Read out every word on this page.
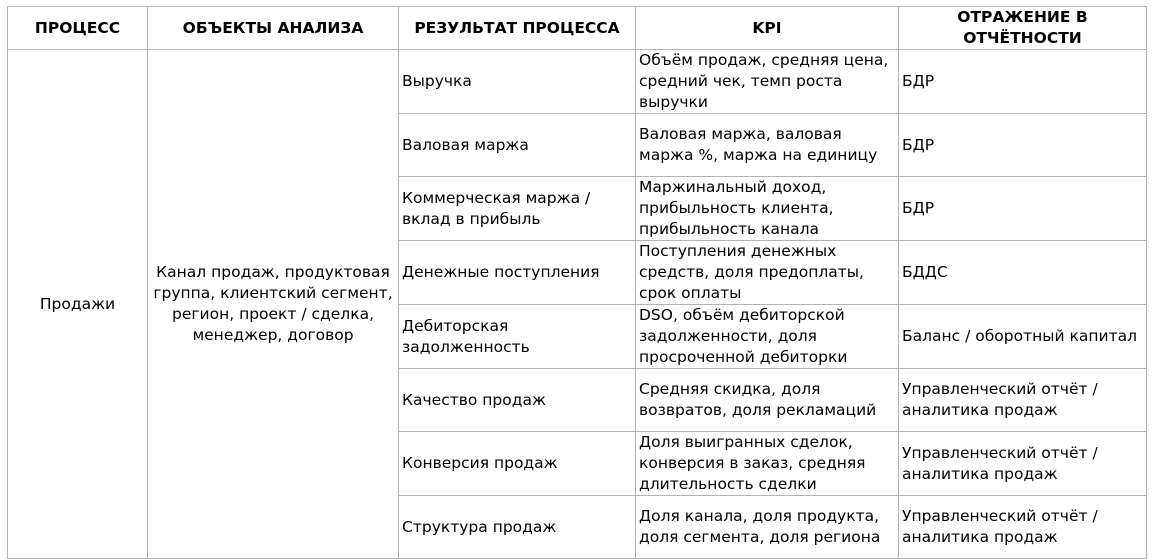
ПРОЦЕСС	ОБЪЕКТЫ АНАЛИЗА	РЕЗУЛЬТАТ ПРОЦЕССА	KPI	ОТРАЖЕНИЕ В ОТЧЁТНОСТИ
Продажи	Канал продаж, продуктовая группа, клиентский сегмент, регион, проект / сделка, менеджер, договор	Выручка	Объём продаж, средняя цена, средний чек, темп роста выручки	БДР
		Валовая маржа	Валовая маржа, валовая маржа %, маржа на единицу	БДР
		Коммерческая маржа / вклад в прибыль	Маржинальный доход, прибыльность клиента, прибыльность канала	БДР
		Денежные поступления	Поступления денежных средств, доля предоплаты, срок оплаты	БДДС
		Дебиторская задолженность	DSO, объём дебиторской задолженности, доля просроченной дебиторки	Баланс / оборотный капитал
		Качество продаж	Средняя скидка, доля возвратов, доля рекламаций	Управленческий отчёт / аналитика продаж
		Конверсия продаж	Доля выигранных сделок, конверсия в заказ, средняя длительность сделки	Управленческий отчёт / аналитика продаж
		Структура продаж	Доля канала, доля продукта, доля сегмента, доля региона	Управленческий отчёт / аналитика продаж
